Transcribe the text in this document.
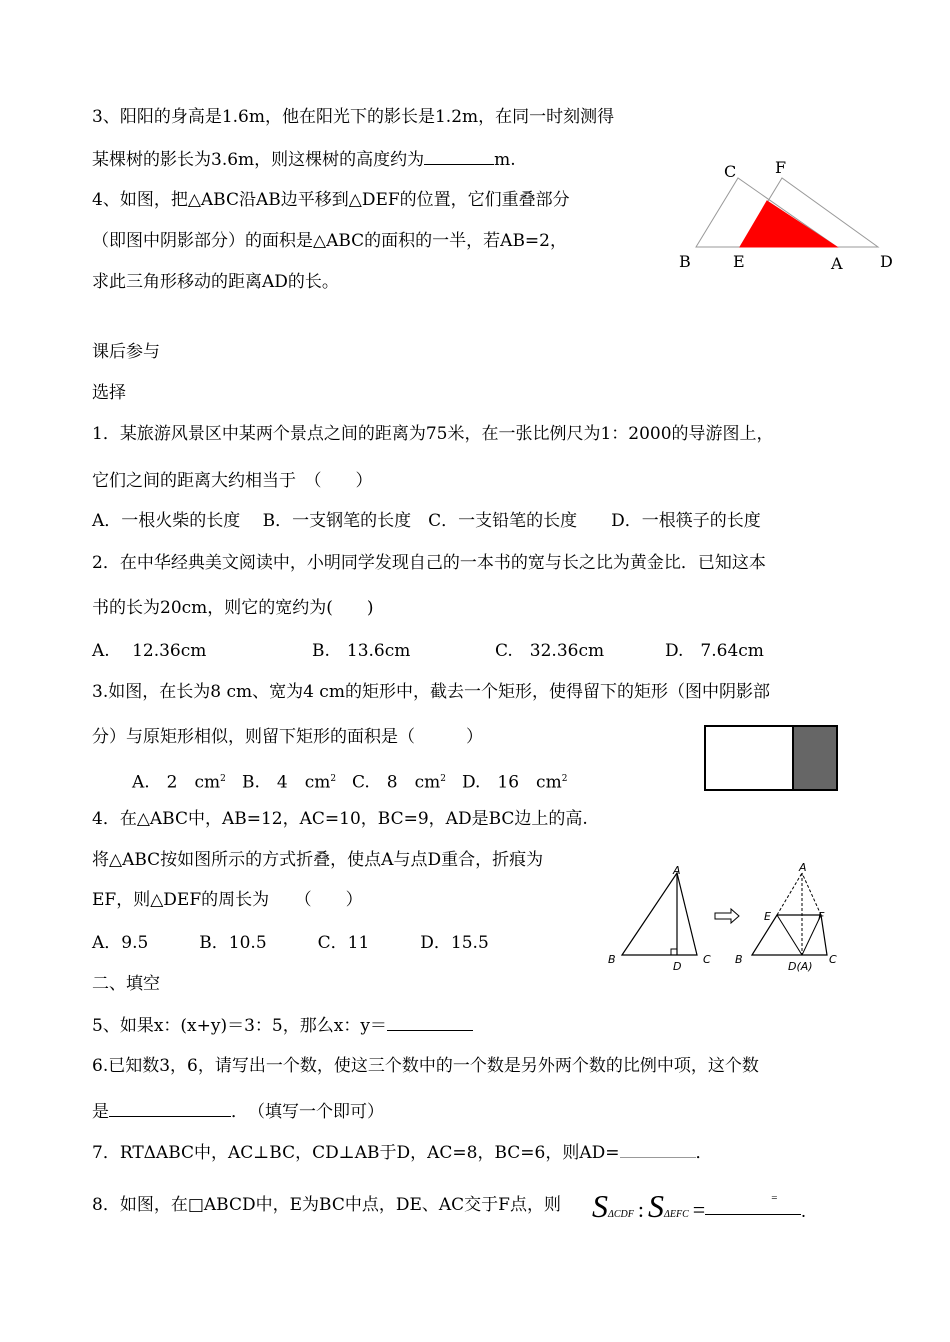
3、阳阳的身高是1.6m，他在阳光下的影长是1.2m，在同一时刻测得
某棵树的影长为3.6m，则这棵树的高度约为	m.
4、如图，把△ABC沿AB边平移到△DEF的位置，它们重叠部分
（即图中阴影部分）的面积是△ABC的面积的一半，若AB=2，
求此三角形移动的距离AD的长。
C F
B	E	A D
课后参与
选择
1．某旅游风景区中某两个景点之间的距离为75米，在一张比例尺为1：2000的导游图上，
它们之间的距离大约相当于　（　　）
A．一根火柴的长度　 B．一支钢笔的长度　C．一支铅笔的长度　　D．一根筷子的长度
2．在中华经典美文阅读中，小明同学发现自己的一本书的宽与长之比为黄金比．已知这本
书的长为20cm，则它的宽约为(　　)
A.　 12.36cm	B.　13.6cm	C.　32.36cm	D.　7.64cm
3.如图，在长为8 cm、宽为4 cm的矩形中，截去一个矩形，使得留下的矩形（图中阴影部
分）与原矩形相似，则留下矩形的面积是（　　　）
A.　2　$cm^2$ B.　4　$cm^2$ C.　8　$cm^2$ D.　16　$cm^2$
4．在△ABC中，AB=12，AC=10，BC=9，AD是BC边上的高.
将△ABC按如图所示的方式折叠，使点A与点D重合，折痕为
EF，则△DEF的周长为　　（　　）
A．9.5　　　B．10.5　　　C．11　　　D．15.5
A
B
D
C
A
E	F
B
D(A)
C
二、填空
5、如果x：(x+y)＝3：5，那么x：y＝
6.已知数3，6，请写出一个数，使这三个数中的一个数是另外两个数的比例中项，这个数
是	．　（填写一个即可）
7．RTΔABC中，AC⊥BC，CD⊥AB于D，AC=8，BC=6，则AD=	．
8．如图，在□ABCD中，E为BC中点，DE、AC交于F点，则 SΔCDF : SΔEFC =	=
.
